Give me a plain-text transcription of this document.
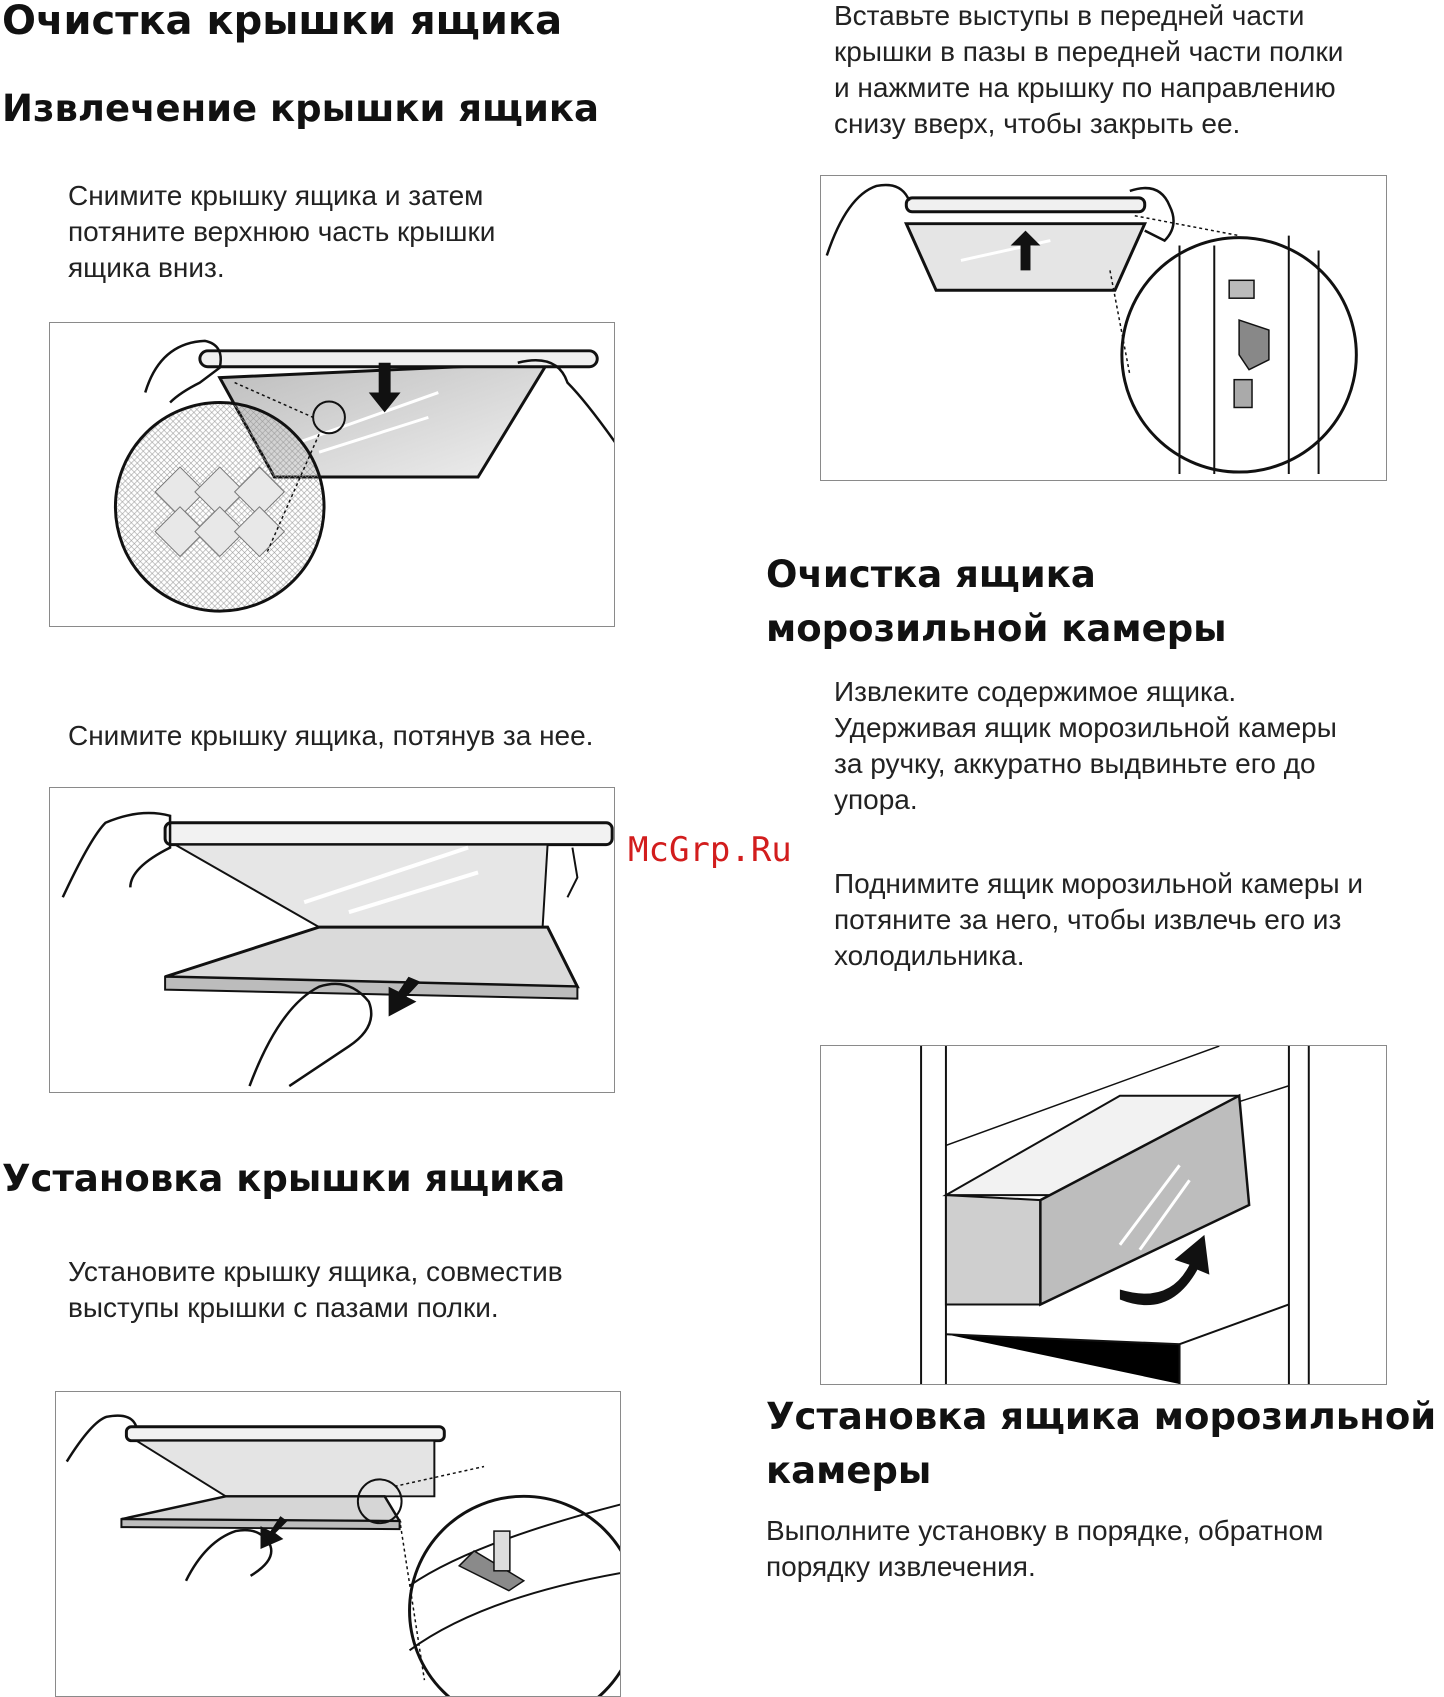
Очистка крышки ящика
Извлечение крышки ящика

Снимите крышку ящика и затем

потяните верхнюю часть крышки

ящика вниз.

Снимите крышку ящика, потянув за нее.

Установка крышки ящика

Установите крышку ящика, совместив

выступы крышки с пазами полки.

Вставьте выступы в передней части

крышки в пазы в передней части полки

и нажмите на крышку по направлению

снизу вверх, чтобы закрыть ее.

Очистка ящика
морозильной камеры

Извлеките содержимое ящика.

Удерживая ящик морозильной камеры

за ручку, аккуратно выдвиньте его до

упора.

McGrp.Ru

Поднимите ящик морозильной камеры и

потяните за него, чтобы извлечь его из

холодильника.

Установка ящика морозильной
камеры

Выполните установку в порядке, обратном

порядку извлечения.
